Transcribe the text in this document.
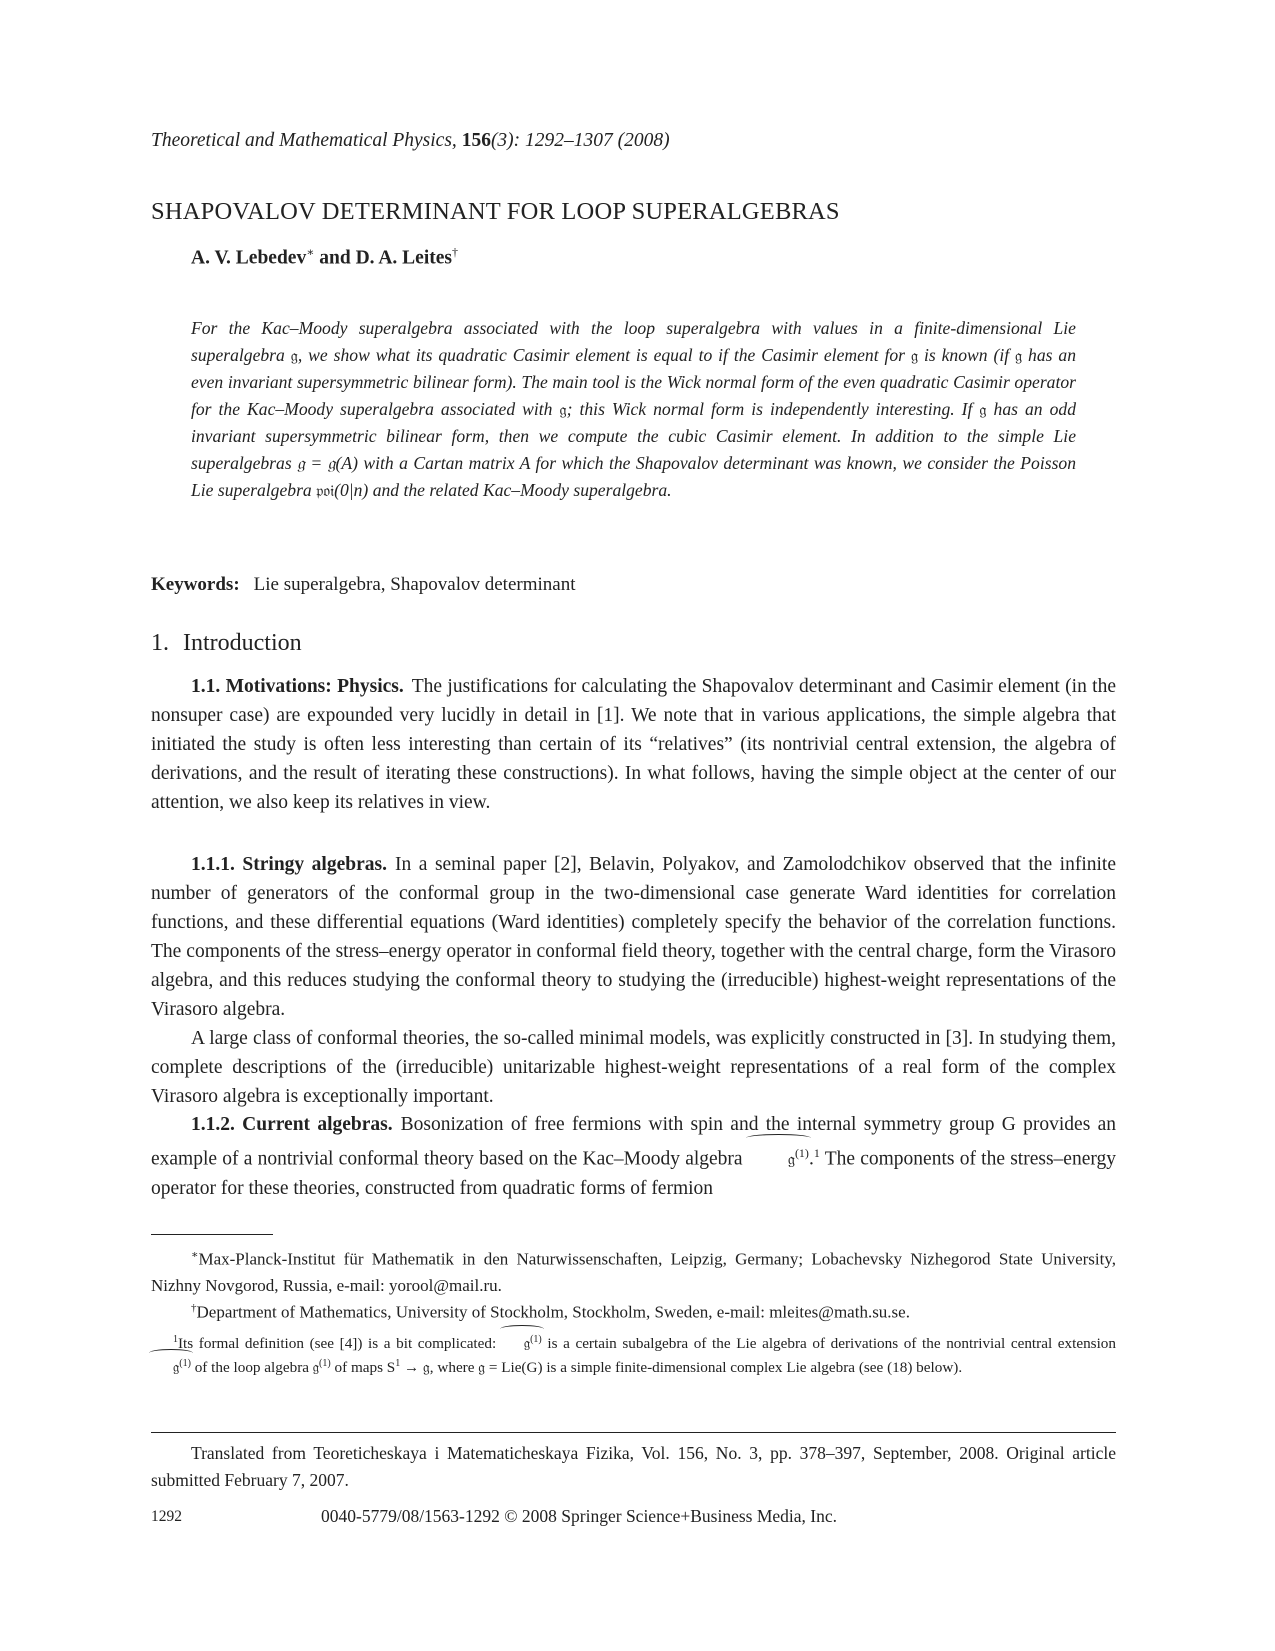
Theoretical and Mathematical Physics, 156(3): 1292–1307 (2008)
SHAPOVALOV DETERMINANT FOR LOOP SUPERALGEBRAS
A. V. Lebedev∗ and D. A. Leites†
For the Kac–Moody superalgebra associated with the loop superalgebra with values in a finite-dimensional Lie superalgebra 𝔤, we show what its quadratic Casimir element is equal to if the Casimir element for 𝔤 is known (if 𝔤 has an even invariant supersymmetric bilinear form). The main tool is the Wick normal form of the even quadratic Casimir operator for the Kac–Moody superalgebra associated with 𝔤; this Wick normal form is independently interesting. If 𝔤 has an odd invariant supersymmetric bilinear form, then we compute the cubic Casimir element. In addition to the simple Lie superalgebras 𝔤 = 𝔤(A) with a Cartan matrix A for which the Shapovalov determinant was known, we consider the Poisson Lie superalgebra 𝔭𝔬𝔦(0|n) and the related Kac–Moody superalgebra.
Keywords: Lie superalgebra, Shapovalov determinant
1. Introduction
1.1. Motivations: Physics. The justifications for calculating the Shapovalov determinant and Casimir element (in the nonsuper case) are expounded very lucidly in detail in [1]. We note that in various applications, the simple algebra that initiated the study is often less interesting than certain of its “relatives” (its nontrivial central extension, the algebra of derivations, and the result of iterating these constructions). In what follows, having the simple object at the center of our attention, we also keep its relatives in view.
1.1.1. Stringy algebras. In a seminal paper [2], Belavin, Polyakov, and Zamolodchikov observed that the infinite number of generators of the conformal group in the two-dimensional case generate Ward identities for correlation functions, and these differential equations (Ward identities) completely specify the behavior of the correlation functions. The components of the stress–energy operator in conformal field theory, together with the central charge, form the Virasoro algebra, and this reduces studying the conformal theory to studying the (irreducible) highest-weight representations of the Virasoro algebra.
A large class of conformal theories, the so-called minimal models, was explicitly constructed in [3]. In studying them, complete descriptions of the (irreducible) unitarizable highest-weight representations of a real form of the complex Virasoro algebra is exceptionally important.
1.1.2. Current algebras. Bosonization of free fermions with spin and the internal symmetry group G provides an example of a nontrivial conformal theory based on the Kac–Moody algebra	𝔤$^{(1)}$.$^1$ The components of the stress–energy operator for these theories, constructed from quadratic forms of fermion
∗Max-Planck-Institut für Mathematik in den Naturwissenschaften, Leipzig, Germany; Lobachevsky Nizhegorod State University, Nizhny Novgorod, Russia, e-mail: yorool@mail.ru.
†Department of Mathematics, University of Stockholm, Stockholm, Sweden, e-mail: mleites@math.su.se.
$^1$Its formal definition (see [4]) is a bit complicated: 𝔤$^{(1)}$ is a certain subalgebra of the Lie algebra of derivations of the nontrivial central extension 𝔤$^{(1)}$ of the loop algebra 𝔤$^{(1)}$ of maps $S^1$ → 𝔤, where 𝔤 = Lie(G) is a simple finite-dimensional complex Lie algebra (see (18) below).
Translated from Teoreticheskaya i Matematicheskaya Fizika, Vol. 156, No. 3, pp. 378–397, September, 2008. Original article submitted February 7, 2007.
1292	0040-5779/08/1563-1292 © 2008 Springer Science+Business Media, Inc.
